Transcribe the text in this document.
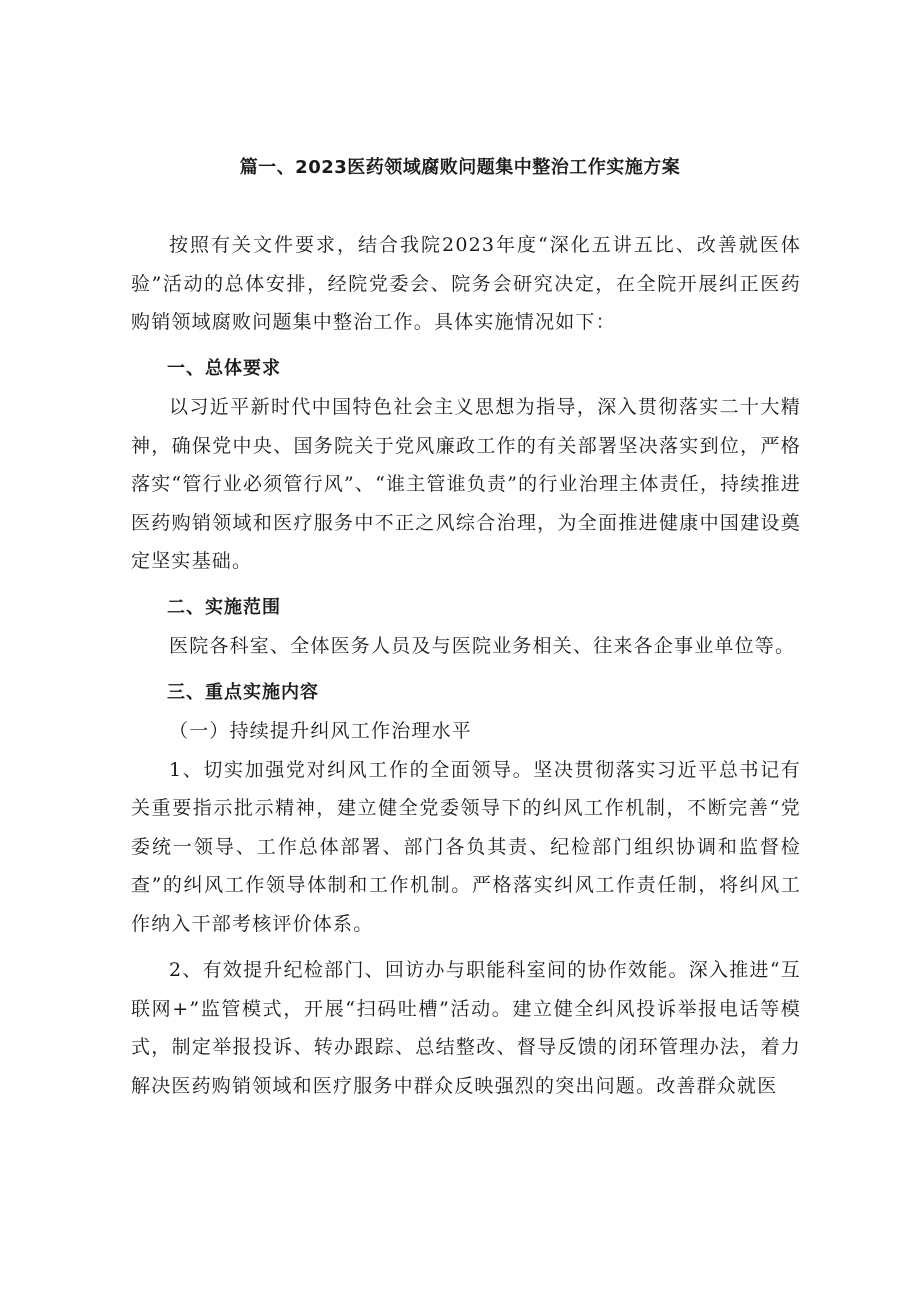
篇一、2023医药领域腐败问题集中整治工作实施方案

按照有关文件要求，结合我院2023年度“深化五讲五比、改善就医体验”活动的总体安排，经院党委会、院务会研究决定，在全院开展纠正医药购销领域腐败问题集中整治工作。具体实施情况如下：

一、总体要求

以习近平新时代中国特色社会主义思想为指导，深入贯彻落实二十大精神，确保党中央、国务院关于党风廉政工作的有关部署坚决落实到位，严格落实“管行业必须管行风”、“谁主管谁负责”的行业治理主体责任，持续推进医药购销领域和医疗服务中不正之风综合治理，为全面推进健康中国建设奠定坚实基础。

二、实施范围

医院各科室、全体医务人员及与医院业务相关、往来各企事业单位等。

三、重点实施内容

（一）持续提升纠风工作治理水平

1、切实加强党对纠风工作的全面领导。坚决贯彻落实习近平总书记有关重要指示批示精神，建立健全党委领导下的纠风工作机制，不断完善“党委统一领导、工作总体部署、部门各负其责、纪检部门组织协调和监督检查”的纠风工作领导体制和工作机制。严格落实纠风工作责任制，将纠风工作纳入干部考核评价体系。

2、有效提升纪检部门、回访办与职能科室间的协作效能。深入推进“互联网+”监管模式，开展“扫码吐槽”活动。建立健全纠风投诉举报电话等模式，制定举报投诉、转办跟踪、总结整改、督导反馈的闭环管理办法，着力解决医药购销领域和医疗服务中群众反映强烈的突出问题。改善群众就医
